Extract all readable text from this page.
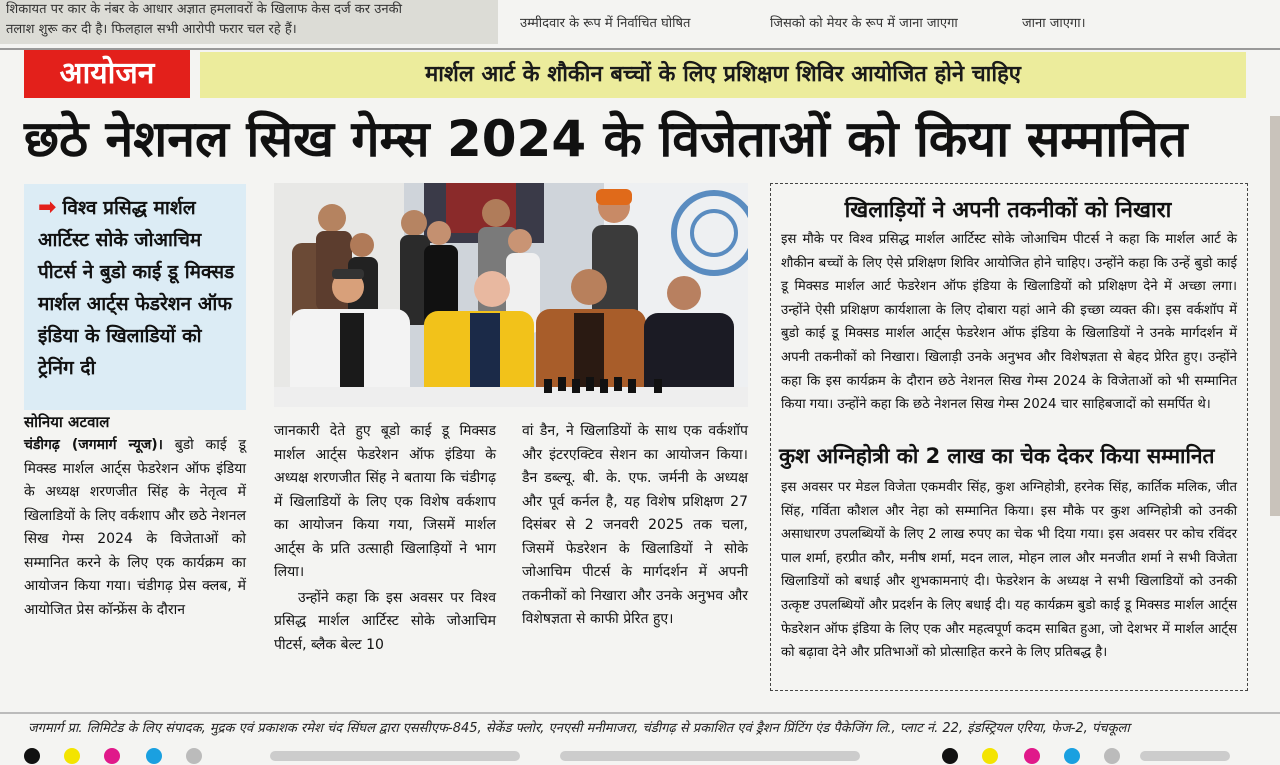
शिकायत पर कार के नंबर के आधार अज्ञात हमलावरों के खिलाफ केस दर्ज कर उनकी
तलाश शुरू कर दी है। फिलहाल सभी आरोपी फरार चल रहे हैं।	उम्मीदवार के रूप में निर्वाचित घोषित	जिसको को मेयर के रूप में जाना जाएगा	जाना जाएगा।
आयोजन	मार्शल आर्ट के शौकीन बच्चों के लिए प्रशिक्षण शिविर आयोजित होने चाहिए
छठे नेशनल सिख गेम्स 2024 के विजेताओं को किया सम्मानित
➡ विश्व प्रसिद्ध मार्शल आर्टिस्ट सोके जोआचिम पीटर्स ने बुडो काई डू मिक्सड मार्शल आर्ट्स फेडरेशन ऑफ इंडिया के खिलाडियों को ट्रेनिंग दी
सोनिया अटवाल
चंडीगढ़ (जगमार्ग न्यूज)। बुडो काई डू मिक्स्ड मार्शल आर्ट्स फेडरेशन ऑफ इंडिया के अध्यक्ष शरणजीत सिंह के नेतृत्व में खिलाडियों के लिए वर्कशाप और छठे नेशनल सिख गेम्स 2024 के विजेताओं को सम्मानित करने के लिए एक कार्यक्रम का आयोजन किया गया। चंडीगढ़ प्रेस क्लब, में आयोजित प्रेस कॉन्फ्रेंस के दौरान
जानकारी देते हुए बूडो काई डू मिक्सड मार्शल आर्ट्स फेडरेशन ऑफ इंडिया के अध्यक्ष शरणजीत सिंह ने बताया कि चंडीगढ़ में खिलाडियों के लिए एक विशेष वर्कशाप का आयोजन किया गया, जिसमें मार्शल आर्ट्स के प्रति उत्साही खिलाड़ियों ने भाग लिया।
उन्होंने कहा कि इस अवसर पर विश्व प्रसिद्ध मार्शल आर्टिस्ट सोके जोआचिम पीटर्स, ब्लैक बेल्ट 10
वां डैन, ने खिलाडियों के साथ एक वर्कशॉप और इंटरएक्टिव सेशन का आयोजन किया। डैन डब्ल्यू. बी. के. एफ. जर्मनी के अध्यक्ष और पूर्व कर्नल है, यह विशेष प्रशिक्षण 27 दिसंबर से 2 जनवरी 2025 तक चला, जिसमें फेडरेशन के खिलाडियों ने सोके जोआचिम पीटर्स के मार्गदर्शन में अपनी तकनीकों को निखारा और उनके अनुभव और विशेषज्ञता से काफी प्रेरित हुए।
खिलाड़ियों ने अपनी तकनीकों को निखारा
इस मौके पर विश्व प्रसिद्ध मार्शल आर्टिस्ट सोके जोआचिम पीटर्स ने कहा कि मार्शल आर्ट के शौकीन बच्चों के लिए ऐसे प्रशिक्षण शिविर आयोजित होने चाहिए। उन्होंने कहा कि उन्हें बुडो काई डू मिक्सड मार्शल आर्ट फेडरेशन ऑफ इंडिया के खिलाडियों को प्रशिक्षण देने में अच्छा लगा। उन्होंने ऐसी प्रशिक्षण कार्यशाला के लिए दोबारा यहां आने की इच्छा व्यक्त की। इस वर्कशॉप में बुडो काई डू मिक्सड मार्शल आर्ट्स फेडरेशन ऑफ इंडिया के खिलाडियों ने उनके मार्गदर्शन में अपनी तकनीकों को निखारा। खिलाड़ी उनके अनुभव और विशेषज्ञता से बेहद प्रेरित हुए। उन्होंने कहा कि इस कार्यक्रम के दौरान छठे नेशनल सिख गेम्स 2024 के विजेताओं को भी सम्मानित किया गया। उन्होंने कहा कि छठे नेशनल सिख गेम्स 2024 चार साहिबजादों को समर्पित थे।
कुश अग्निहोत्री को 2 लाख का चेक देकर किया सम्मानित
इस अवसर पर मेडल विजेता एकमवीर सिंह, कुश अग्निहोत्री, हरनेक सिंह, कार्तिक मलिक, जीत सिंह, गर्विता कौशल और नेहा को सम्मानित किया। इस मौके पर कुश अग्निहोत्री को उनकी असाधारण उपलब्धियों के लिए 2 लाख रुपए का चेक भी दिया गया। इस अवसर पर कोच रविंदर पाल शर्मा, हरप्रीत कौर, मनीष शर्मा, मदन लाल, मोहन लाल और मनजीत शर्मा ने सभी विजेता खिलाडियों को बधाई और शुभकामनाएं दी। फेडरेशन के अध्यक्ष ने सभी खिलाडियों को उनकी उत्कृष्ट उपलब्धियों और प्रदर्शन के लिए बधाई दी। यह कार्यक्रम बुडो काई डू मिक्सड मार्शल आर्ट्स फेडरेशन ऑफ इंडिया के लिए एक और महत्वपूर्ण कदम साबित हुआ, जो देशभर में मार्शल आर्ट्स को बढ़ावा देने और प्रतिभाओं को प्रोत्साहित करने के लिए प्रतिबद्ध है।
जगमार्ग प्रा. लिमिटेड के लिए संपादक, मुद्रक एवं प्रकाशक रमेश चंद सिंघल द्वारा एससीएफ-845, सेकेंड फ्लोर, एनएसी मनीमाजरा, चंडीगढ़ से प्रकाशित एवं ड्रैशन प्रिंटिंग एंड पैकेजिंग लि., प्लाट नं. 22, इंडस्ट्रियल एरिया, फेज-2, पंचकूला
